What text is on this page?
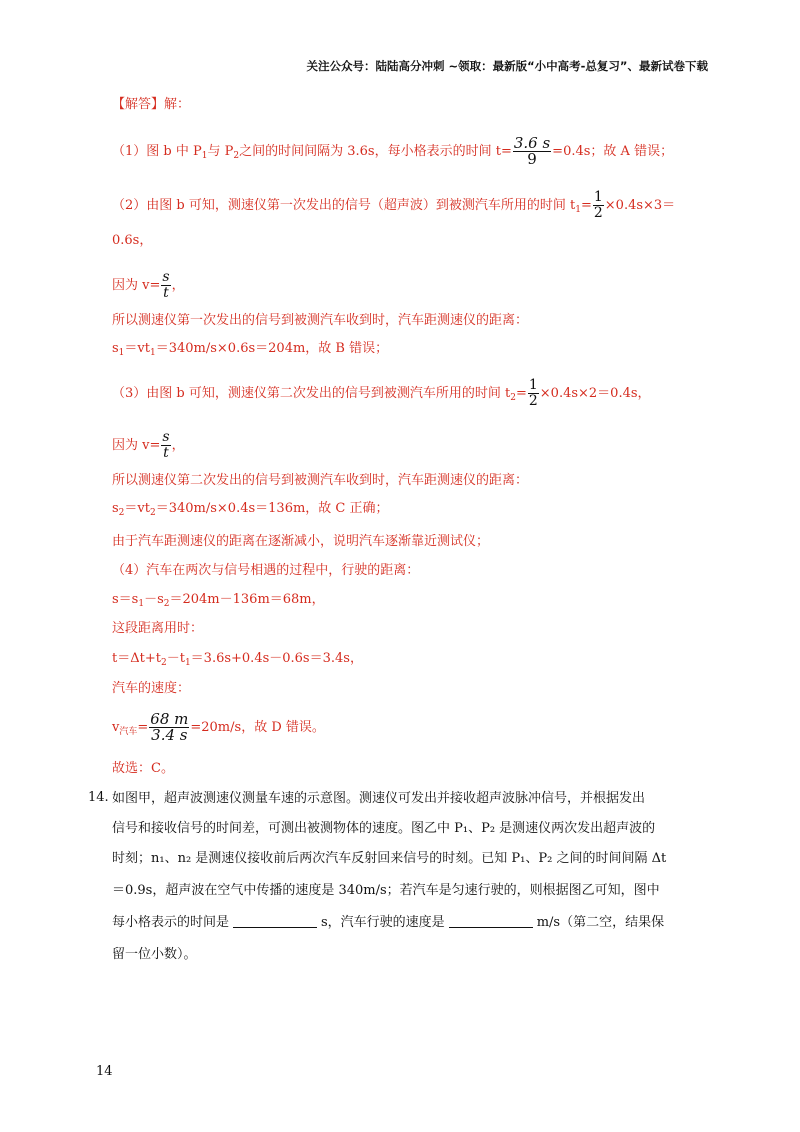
关注公众号：陆陆高分冲刺 ~领取：最新版“小中高考-总复习”、最新试卷下载
【解答】解：
（1）图 b 中 $P_1$与 $P_2$之间的时间间隔为 3.6s，每小格表示的时间 $t= \frac{3.6 s}{9} =0.4s$；故 A 错误；
（2）由图 b 可知，测速仪第一次发出的信号（超声波）到被测汽车所用的时间 $t_1= \frac{1}{2} \times 0.4s\times 3=$
0.6s，
因为 $v= \frac{s}{t}$ ，
所以测速仪第一次发出的信号到被测汽车收到时，汽车距测速仪的距离：
$s_1=vt_1=340m/s\times 0.6s=204m$，故 B 错误；
（3）由图 b 可知，测速仪第二次发出的信号到被测汽车所用的时间 $t_2= \frac{1}{2} \times 0.4s\times 2=0.4s$，
因为 $v= \frac{s}{t}$ ，
所以测速仪第二次发出的信号到被测汽车收到时，汽车距测速仪的距离：
$s_2=vt_2=340m/s\times 0.4s=136m$，故 C 正确；
由于汽车距测速仪的距离在逐渐减小，说明汽车逐渐靠近测试仪；
（4）汽车在两次与信号相遇的过程中，行驶的距离：
$s=s_1-s_2=204m-136m=68m$，
这段距离用时：
$t=\Delta t+t_2-t_1=3.6s+0.4s-0.6s=3.4s$，
汽车的速度：
$v_{汽车}= \frac{68 m}{3.4 s} =20m/s$，故 D 错误。
故选：C。
14. 如图甲，超声波测速仪测量车速的示意图。测速仪可发出并接收超声波脉冲信号，并根据发出
信号和接收信号的时间差，可测出被测物体的速度。图乙中 P₁、P₂ 是测速仪两次发出超声波的
时刻；n₁、n₂ 是测速仪接收前后两次汽车反射回来信号的时刻。已知 P₁、P₂ 之间的时间间隔 Δt
＝0.9s，超声波在空气中传播的速度是 340m/s；若汽车是匀速行驶的，则根据图乙可知，图中
每小格表示的时间是	s，汽车行驶的速度是	m/s（第二空，结果保
留一位小数）。
14
